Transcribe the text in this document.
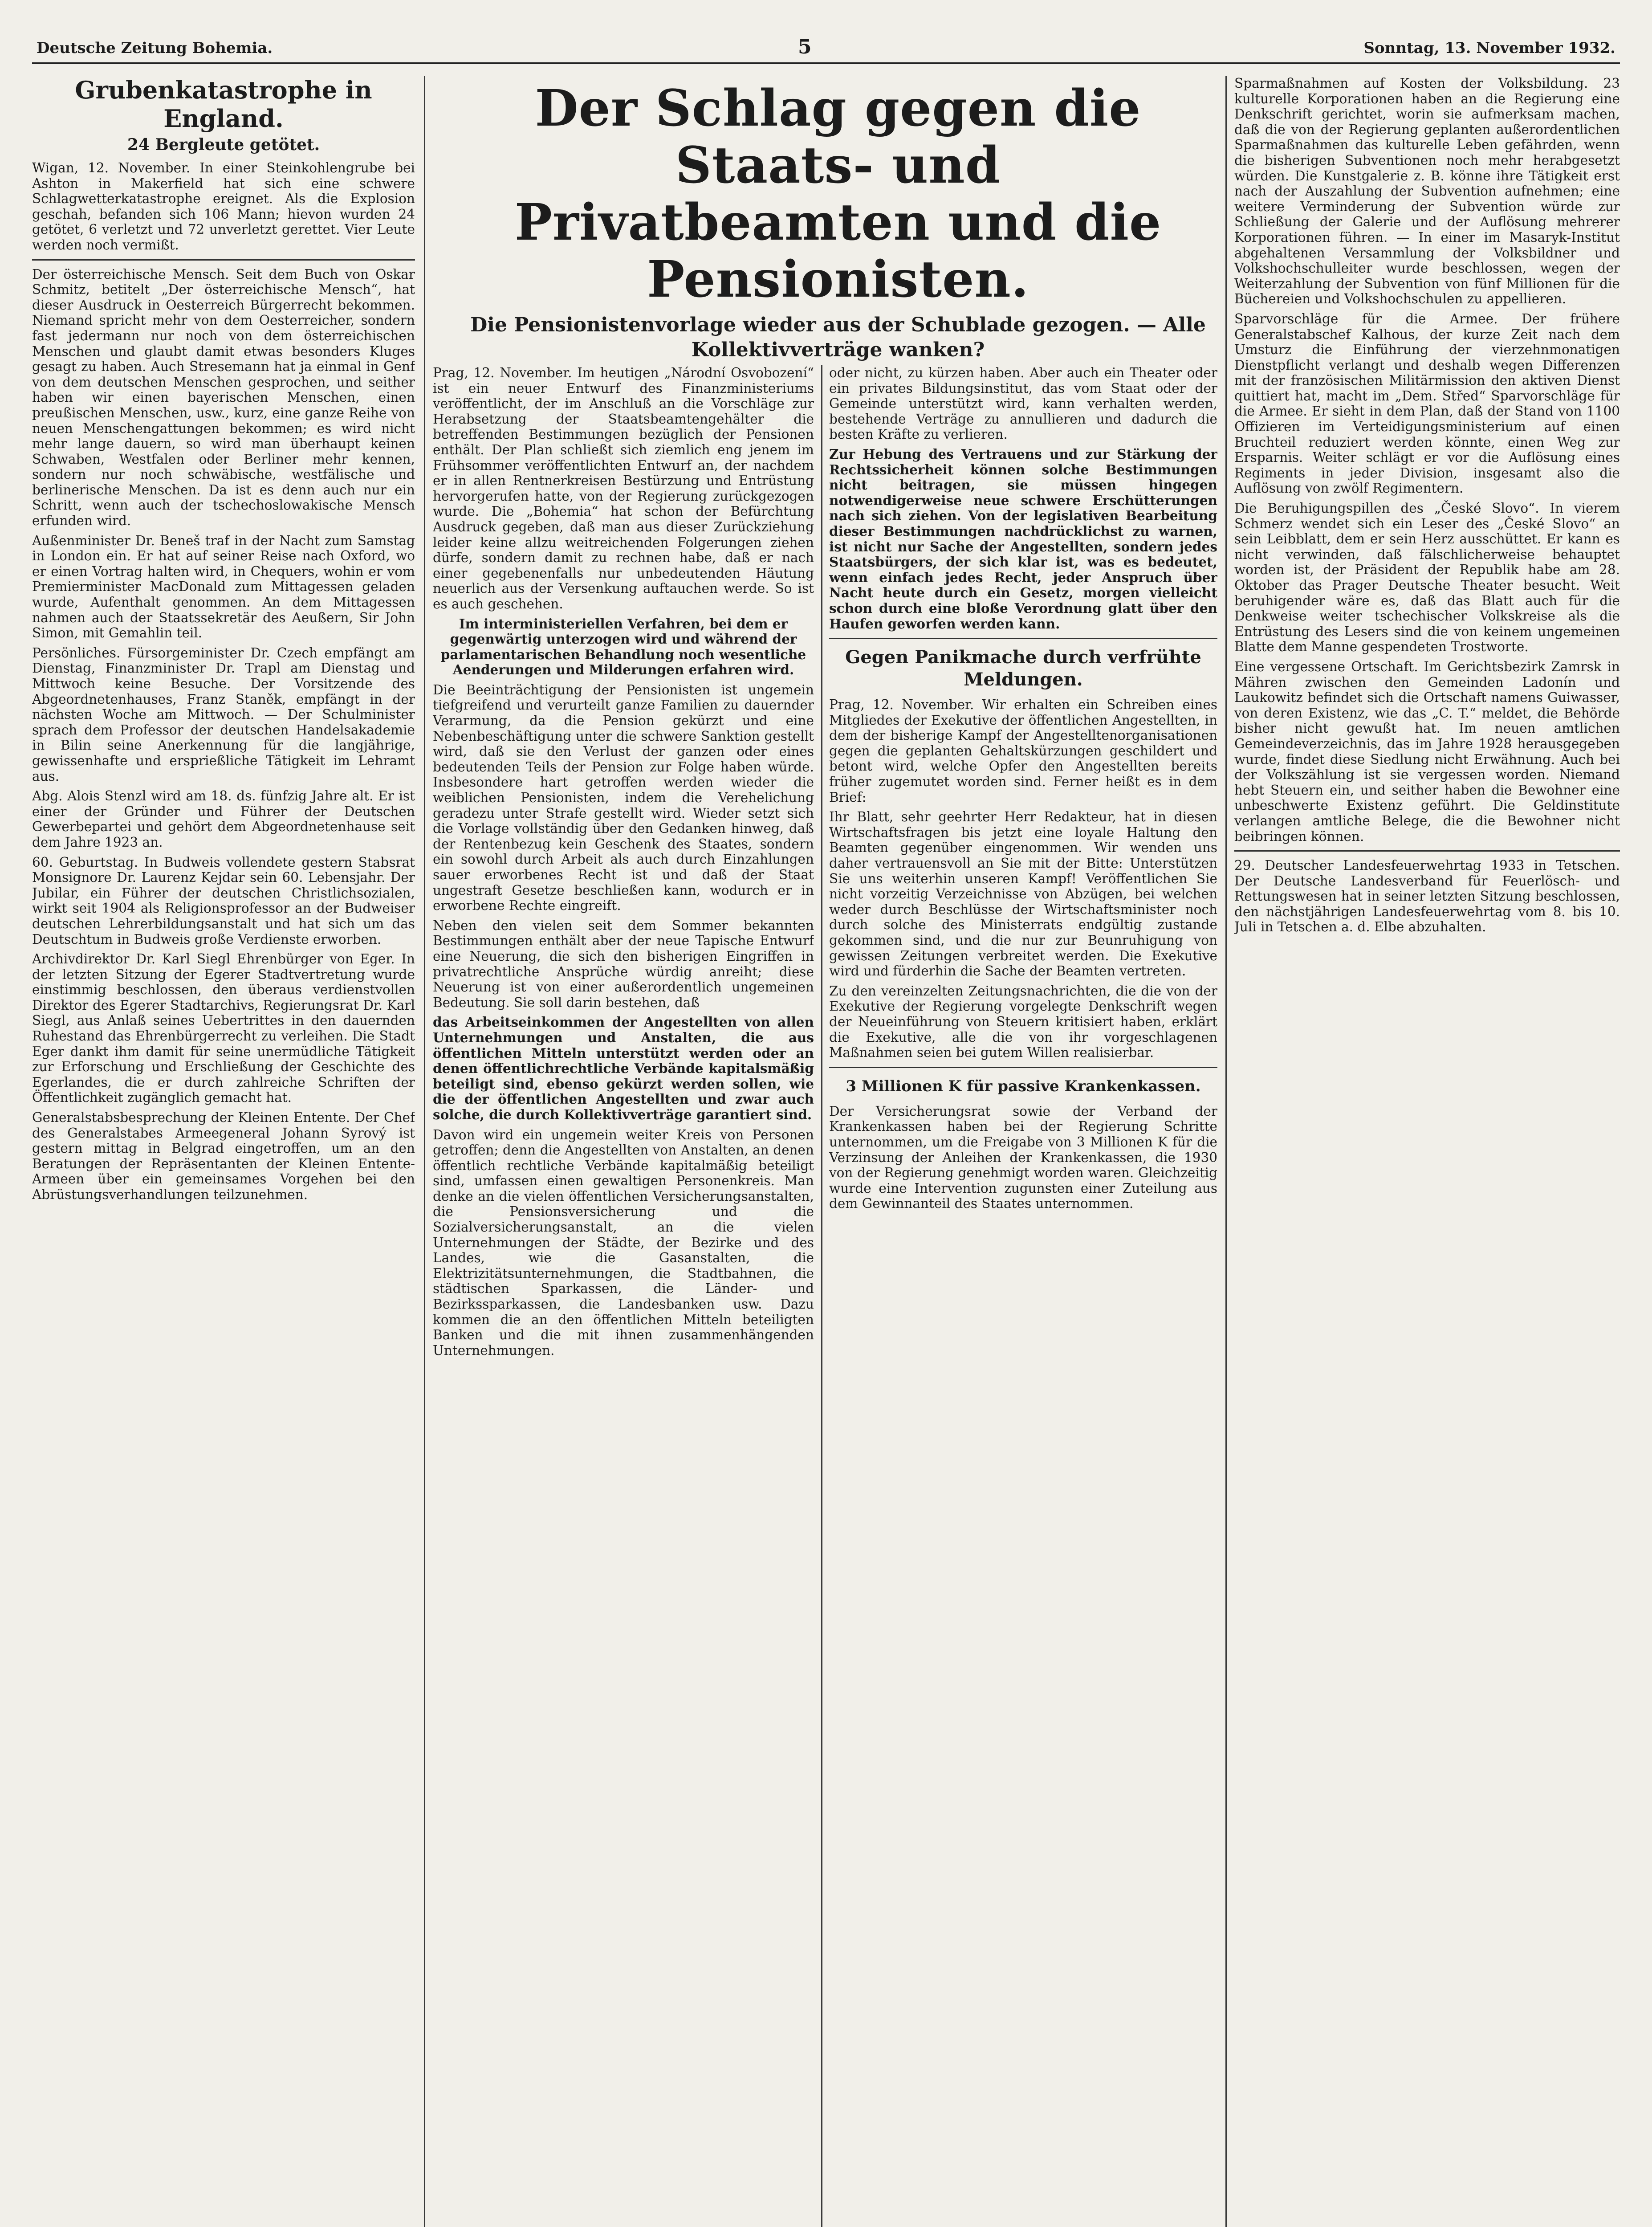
Deutsche Zeitung Bohemia.	5	Sonntag, 13. November 1932.
Grubenkatastrophe in England.
24 Bergleute getötet.

Wigan, 12. November. In einer Steinkohlengrube bei Ashton in Makerfield hat sich eine schwere Schlagwetterkatastrophe ereignet. Als die Explosion geschah, befanden sich 106 Mann; hievon wurden 24 getötet, 6 verletzt und 72 unverletzt gerettet. Vier Leute werden noch vermißt.

Der österreichische Mensch. Seit dem Buch von Oskar Schmitz, betitelt „Der österreichische Mensch“, hat dieser Ausdruck in Oesterreich Bürgerrecht bekommen. Niemand spricht mehr von dem Oesterreicher, sondern fast jedermann nur noch von dem österreichischen Menschen und glaubt damit etwas besonders Kluges gesagt zu haben. Auch Stresemann hat ja einmal in Genf von dem deutschen Menschen gesprochen, und seither haben wir einen bayerischen Menschen, einen preußischen Menschen, usw., kurz, eine ganze Reihe von neuen Menschengattungen bekommen; es wird nicht mehr lange dauern, so wird man überhaupt keinen Schwaben, Westfalen oder Berliner mehr kennen, sondern nur noch schwäbische, westfälische und berlinerische Menschen. Da ist es denn auch nur ein Schritt, wenn auch der tschechoslowakische Mensch erfunden wird.

Außenminister Dr. Beneš traf in der Nacht zum Samstag in London ein. Er hat auf seiner Reise nach Oxford, wo er einen Vortrag halten wird, in Chequers, wohin er vom Premierminister MacDonald zum Mittagessen geladen wurde, Aufenthalt genommen. An dem Mittagessen nahmen auch der Staatssekretär des Aeußern, Sir John Simon, mit Gemahlin teil.

Persönliches. Fürsorgeminister Dr. Czech empfängt am Dienstag, Finanzminister Dr. Trapl am Dienstag und Mittwoch keine Besuche. Der Vorsitzende des Abgeordnetenhauses, Franz Staněk, empfängt in der nächsten Woche am Mittwoch. — Der Schulminister sprach dem Professor der deutschen Handelsakademie in Bilin seine Anerkennung für die langjährige, gewissenhafte und ersprießliche Tätigkeit im Lehramt aus.

Abg. Alois Stenzl wird am 18. ds. fünfzig Jahre alt. Er ist einer der Gründer und Führer der Deutschen Gewerbepartei und gehört dem Abgeordnetenhause seit dem Jahre 1923 an.

60. Geburtstag. In Budweis vollendete gestern Stabsrat Monsignore Dr. Laurenz Kejdar sein 60. Lebensjahr. Der Jubilar, ein Führer der deutschen Christlichsozialen, wirkt seit 1904 als Religionsprofessor an der Budweiser deutschen Lehrerbildungsanstalt und hat sich um das Deutschtum in Budweis große Verdienste erworben.

Archivdirektor Dr. Karl Siegl Ehrenbürger von Eger. In der letzten Sitzung der Egerer Stadtvertretung wurde einstimmig beschlossen, den überaus verdienstvollen Direktor des Egerer Stadtarchivs, Regierungsrat Dr. Karl Siegl, aus Anlaß seines Uebertrittes in den dauernden Ruhestand das Ehrenbürgerrecht zu verleihen. Die Stadt Eger dankt ihm damit für seine unermüdliche Tätigkeit zur Erforschung und Erschließung der Geschichte des Egerlandes, die er durch zahlreiche Schriften der Öffentlichkeit zugänglich gemacht hat.

Generalstabsbesprechung der Kleinen Entente. Der Chef des Generalstabes Armeegeneral Johann Syrový ist gestern mittag in Belgrad eingetroffen, um an den Beratungen der Repräsentanten der Kleinen Entente-Armeen über ein gemeinsames Vorgehen bei den Abrüstungsverhandlungen teilzunehmen.

Der Schlag gegen die Staats- und
Privatbeamten und die Pensionisten.
Die Pensionistenvorlage wieder aus der Schublade gezogen. — Alle Kollektivverträge wanken?

Prag, 12. November. Im heutigen „Národní Osvobození“ ist ein neuer Entwurf des Finanzministeriums veröffentlicht, der im Anschluß an die Vorschläge zur Herabsetzung der Staatsbeamtengehälter die betreffenden Bestimmungen bezüglich der Pensionen enthält. Der Plan schließt sich ziemlich eng jenem im Frühsommer veröffentlichten Entwurf an, der nachdem er in allen Rentnerkreisen Bestürzung und Entrüstung hervorgerufen hatte, von der Regierung zurückgezogen wurde. Die „Bohemia“ hat schon der Befürchtung Ausdruck gegeben, daß man aus dieser Zurückziehung leider keine allzu weitreichenden Folgerungen ziehen dürfe, sondern damit zu rechnen habe, daß er nach einer gegebenenfalls nur unbedeutenden Häutung neuerlich aus der Versenkung auftauchen werde. So ist es auch geschehen.

Im interministeriellen Verfahren, bei dem er gegenwärtig unterzogen wird und während der parlamentarischen Behandlung noch wesentliche Aenderungen und Milderungen erfahren wird.

Die Beeinträchtigung der Pensionisten ist ungemein tiefgreifend und verurteilt ganze Familien zu dauernder Verarmung, da die Pension gekürzt und eine Nebenbeschäftigung unter die schwere Sanktion gestellt wird, daß sie den Verlust der ganzen oder eines bedeutenden Teils der Pension zur Folge haben würde. Insbesondere hart getroffen werden wieder die weiblichen Pensionisten, indem die Verehelichung geradezu unter Strafe gestellt wird. Wieder setzt sich die Vorlage vollständig über den Gedanken hinweg, daß der Rentenbezug kein Geschenk des Staates, sondern ein sowohl durch Arbeit als auch durch Einzahlungen sauer erworbenes Recht ist und daß der Staat ungestraft Gesetze beschließen kann, wodurch er in erworbene Rechte eingreift.

Neben den vielen seit dem Sommer bekannten Bestimmungen enthält aber der neue Tapische Entwurf eine Neuerung, die sich den bisherigen Eingriffen in privatrechtliche Ansprüche würdig anreiht; diese Neuerung ist von einer außerordentlich ungemeinen Bedeutung. Sie soll darin bestehen, daß

das Arbeitseinkommen der Angestellten von allen Unternehmungen und Anstalten, die aus öffentlichen Mitteln unterstützt werden oder an denen öffentlichrechtliche Verbände kapitalsmäßig beteiligt sind, ebenso gekürzt werden sollen, wie die der öffentlichen Angestellten und zwar auch solche, die durch Kollektivverträge garantiert sind.

Davon wird ein ungemein weiter Kreis von Personen getroffen; denn die Angestellten von Anstalten, an denen öffentlich rechtliche Verbände kapitalmäßig beteiligt sind, umfassen einen gewaltigen Personenkreis. Man denke an die vielen öffentlichen Versicherungsanstalten, die Pensionsversicherung und die Sozialversicherungsanstalt, an die vielen Unternehmungen der Städte, der Bezirke und des Landes, wie die Gasanstalten, die Elektrizitätsunternehmungen, die Stadtbahnen, die städtischen Sparkassen, die Länder- und Bezirkssparkassen, die Landesbanken usw. Dazu kommen die an den öffentlichen Mitteln beteiligten Banken und die mit ihnen zusammenhängenden Unternehmungen.

oder nicht, zu kürzen haben. Aber auch ein Theater oder ein privates Bildungsinstitut, das vom Staat oder der Gemeinde unterstützt wird, kann verhalten werden, bestehende Verträge zu annullieren und dadurch die besten Kräfte zu verlieren.

Zur Hebung des Vertrauens und zur Stärkung der Rechtssicherheit können solche Bestimmungen nicht beitragen, sie müssen hingegen notwendigerweise neue schwere Erschütterungen nach sich ziehen. Von der legislativen Bearbeitung dieser Bestimmungen nachdrücklichst zu warnen, ist nicht nur Sache der Angestellten, sondern jedes Staatsbürgers, der sich klar ist, was es bedeutet, wenn einfach jedes Recht, jeder Anspruch über Nacht heute durch ein Gesetz, morgen vielleicht schon durch eine bloße Verordnung glatt über den Haufen geworfen werden kann.

Gegen Panikmache durch verfrühte Meldungen.

Prag, 12. November. Wir erhalten ein Schreiben eines Mitgliedes der Exekutive der öffentlichen Angestellten, in dem der bisherige Kampf der Angestelltenorganisationen gegen die geplanten Gehaltskürzungen geschildert und betont wird, welche Opfer den Angestellten bereits früher zugemutet worden sind. Ferner heißt es in dem Brief:

Ihr Blatt, sehr geehrter Herr Redakteur, hat in diesen Wirtschaftsfragen bis jetzt eine loyale Haltung den Beamten gegenüber eingenommen. Wir wenden uns daher vertrauensvoll an Sie mit der Bitte: Unterstützen Sie uns weiterhin unseren Kampf! Veröffentlichen Sie nicht vorzeitig Verzeichnisse von Abzügen, bei welchen weder durch Beschlüsse der Wirtschaftsminister noch durch solche des Ministerrats endgültig zustande gekommen sind, und die nur zur Beunruhigung von gewissen Zeitungen verbreitet werden. Die Exekutive wird und fürderhin die Sache der Beamten vertreten.

Zu den vereinzelten Zeitungsnachrichten, die die von der Exekutive der Regierung vorgelegte Denkschrift wegen der Neueinführung von Steuern kritisiert haben, erklärt die Exekutive, alle die von ihr vorgeschlagenen Maßnahmen seien bei gutem Willen realisierbar.

3 Millionen K für passive Krankenkassen.

Der Versicherungsrat sowie der Verband der Krankenkassen haben bei der Regierung Schritte unternommen, um die Freigabe von 3 Millionen K für die Verzinsung der Anleihen der Krankenkassen, die 1930 von der Regierung genehmigt worden waren. Gleichzeitig wurde eine Intervention zugunsten einer Zuteilung aus dem Gewinnanteil des Staates unternommen.

Sparmaßnahmen auf Kosten der Volksbildung. 23 kulturelle Korporationen haben an die Regierung eine Denkschrift gerichtet, worin sie aufmerksam machen, daß die von der Regierung geplanten außerordentlichen Sparmaßnahmen das kulturelle Leben gefährden, wenn die bisherigen Subventionen noch mehr herabgesetzt würden. Die Kunstgalerie z. B. könne ihre Tätigkeit erst nach der Auszahlung der Subvention aufnehmen; eine weitere Verminderung der Subvention würde zur Schließung der Galerie und der Auflösung mehrerer Korporationen führen. — In einer im Masaryk-Institut abgehaltenen Versammlung der Volksbildner und Volkshochschulleiter wurde beschlossen, wegen der Weiterzahlung der Subvention von fünf Millionen für die Büchereien und Volkshochschulen zu appellieren.

Sparvorschläge für die Armee. Der frühere Generalstabschef Kalhous, der kurze Zeit nach dem Umsturz die Einführung der vierzehnmonatigen Dienstpflicht verlangt und deshalb wegen Differenzen mit der französischen Militärmission den aktiven Dienst quittiert hat, macht im „Dem. Střed“ Sparvorschläge für die Armee. Er sieht in dem Plan, daß der Stand von 1100 Offizieren im Verteidigungsministerium auf einen Bruchteil reduziert werden könnte, einen Weg zur Ersparnis. Weiter schlägt er vor die Auflösung eines Regiments in jeder Division, insgesamt also die Auflösung von zwölf Regimentern.

Die Beruhigungspillen des „České Slovo“. In vierem Schmerz wendet sich ein Leser des „České Slovo“ an sein Leibblatt, dem er sein Herz ausschüttet. Er kann es nicht verwinden, daß fälschlicherweise behauptet worden ist, der Präsident der Republik habe am 28. Oktober das Prager Deutsche Theater besucht. Weit beruhigender wäre es, daß das Blatt auch für die Denkweise weiter tschechischer Volkskreise als die Entrüstung des Lesers sind die von keinem ungemeinen Blatte dem Manne gespendeten Trostworte.

Eine vergessene Ortschaft. Im Gerichtsbezirk Zamrsk in Mähren zwischen den Gemeinden Ladonín und Laukowitz befindet sich die Ortschaft namens Guiwasser, von deren Existenz, wie das „C. T.“ meldet, die Behörde bisher nicht gewußt hat. Im neuen amtlichen Gemeindeverzeichnis, das im Jahre 1928 herausgegeben wurde, findet diese Siedlung nicht Erwähnung. Auch bei der Volkszählung ist sie vergessen worden. Niemand hebt Steuern ein, und seither haben die Bewohner eine unbeschwerte Existenz geführt. Die Geldinstitute verlangen amtliche Belege, die die Bewohner nicht beibringen können.

29. Deutscher Landesfeuerwehrtag 1933 in Tetschen. Der Deutsche Landesverband für Feuerlösch- und Rettungswesen hat in seiner letzten Sitzung beschlossen, den nächstjährigen Landesfeuerwehrtag vom 8. bis 10. Juli in Tetschen a. d. Elbe abzuhalten.
